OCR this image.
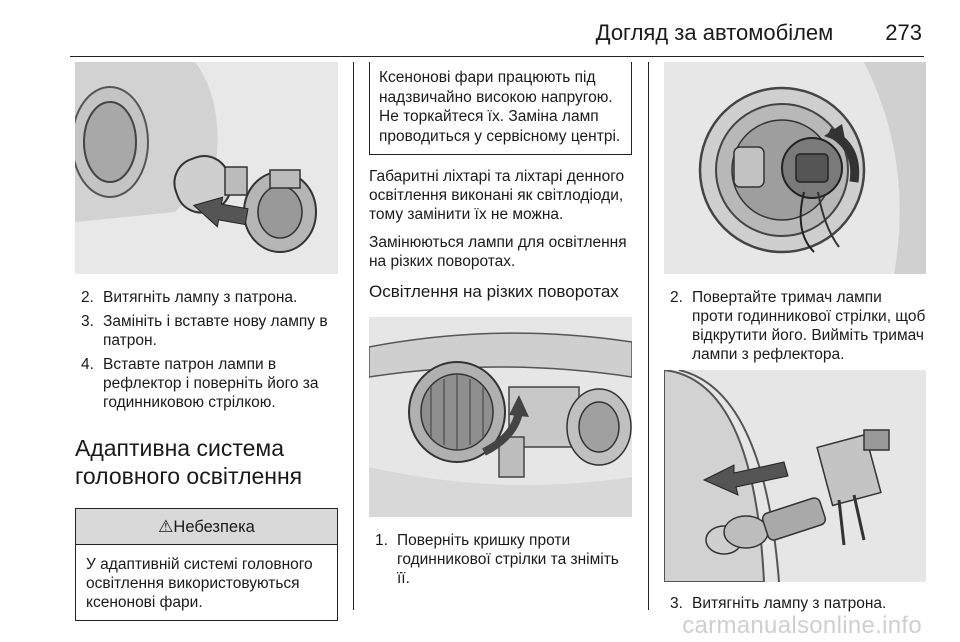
Догляд за автомобілем 273
2. Витягніть лампу з патрона.
3. Замініть і вставте нову лампу в патрон.
4. Вставте патрон лампи в рефлектор і поверніть його за годинниковою стрілкою.
Адаптивна система головного освітлення
⚠Небезпека
У адаптивній системі головного освітлення використовуються ксенонові фари.
Ксенонові фари працюють під надзвичайно високою напругою. Не торкайтеся їх. Заміна ламп проводиться у сервісному центрі.

Габаритні ліхтарі та ліхтарі денного освітлення виконані як світлодіоди, тому замінити їх не можна.

Замінюються лампи для освітлення на різких поворотах.

Освітлення на різких поворотах
1. Поверніть кришку проти годинникової стрілки та зніміть її.
2. Повертайте тримач лампи проти годинникової стрілки, щоб відкрутити його. Вийміть тримач лампи з рефлектора.
3. Витягніть лампу з патрона.
carmanualsonline.info
